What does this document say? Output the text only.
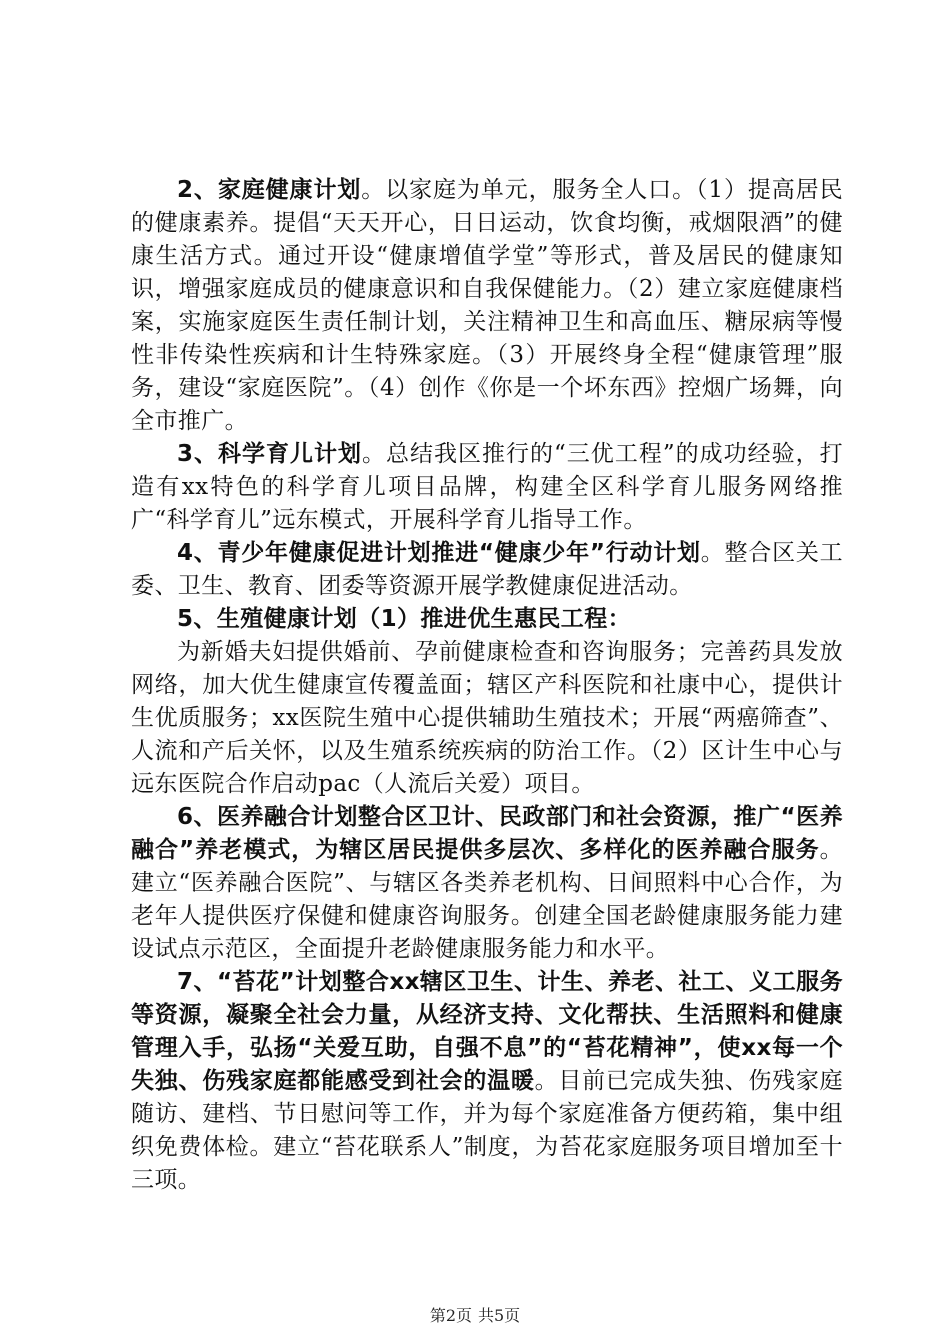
2、家庭健康计划。以家庭为单元，服务全人口。（1）提高居民的健康素养。提倡“天天开心，日日运动，饮食均衡，戒烟限酒”的健康生活方式。通过开设“健康增值学堂”等形式，普及居民的健康知识，增强家庭成员的健康意识和自我保健能力。（2）建立家庭健康档案，实施家庭医生责任制计划，关注精神卫生和高血压、糖尿病等慢性非传染性疾病和计生特殊家庭。（3）开展终身全程“健康管理”服务，建设“家庭医院”。（4）创作《你是一个坏东西》控烟广场舞，向全市推广。

3、科学育儿计划。总结我区推行的“三优工程”的成功经验，打造有xx特色的科学育儿项目品牌，构建全区科学育儿服务网络推广“科学育儿”远东模式，开展科学育儿指导工作。

4、青少年健康促进计划推进“健康少年”行动计划。整合区关工委、卫生、教育、团委等资源开展学教健康促进活动。

5、生殖健康计划（1）推进优生惠民工程：

为新婚夫妇提供婚前、孕前健康检查和咨询服务；完善药具发放网络，加大优生健康宣传覆盖面；辖区产科医院和社康中心，提供计生优质服务；xx医院生殖中心提供辅助生殖技术；开展“两癌筛查”、人流和产后关怀，以及生殖系统疾病的防治工作。（2）区计生中心与远东医院合作启动pac（人流后关爱）项目。

6、医养融合计划整合区卫计、民政部门和社会资源，推广“医养融合”养老模式，为辖区居民提供多层次、多样化的医养融合服务。建立“医养融合医院”、与辖区各类养老机构、日间照料中心合作，为老年人提供医疗保健和健康咨询服务。创建全国老龄健康服务能力建设试点示范区，全面提升老龄健康服务能力和水平。

7、“苔花”计划整合xx辖区卫生、计生、养老、社工、义工服务等资源，凝聚全社会力量，从经济支持、文化帮扶、生活照料和健康管理入手，弘扬“关爱互助，自强不息”的“苔花精神”，使xx每一个失独、伤残家庭都能感受到社会的温暖。目前已完成失独、伤残家庭随访、建档、节日慰问等工作，并为每个家庭准备方便药箱，集中组织免费体检。建立“苔花联系人”制度，为苔花家庭服务项目增加至十三项。

第2页 共5页
